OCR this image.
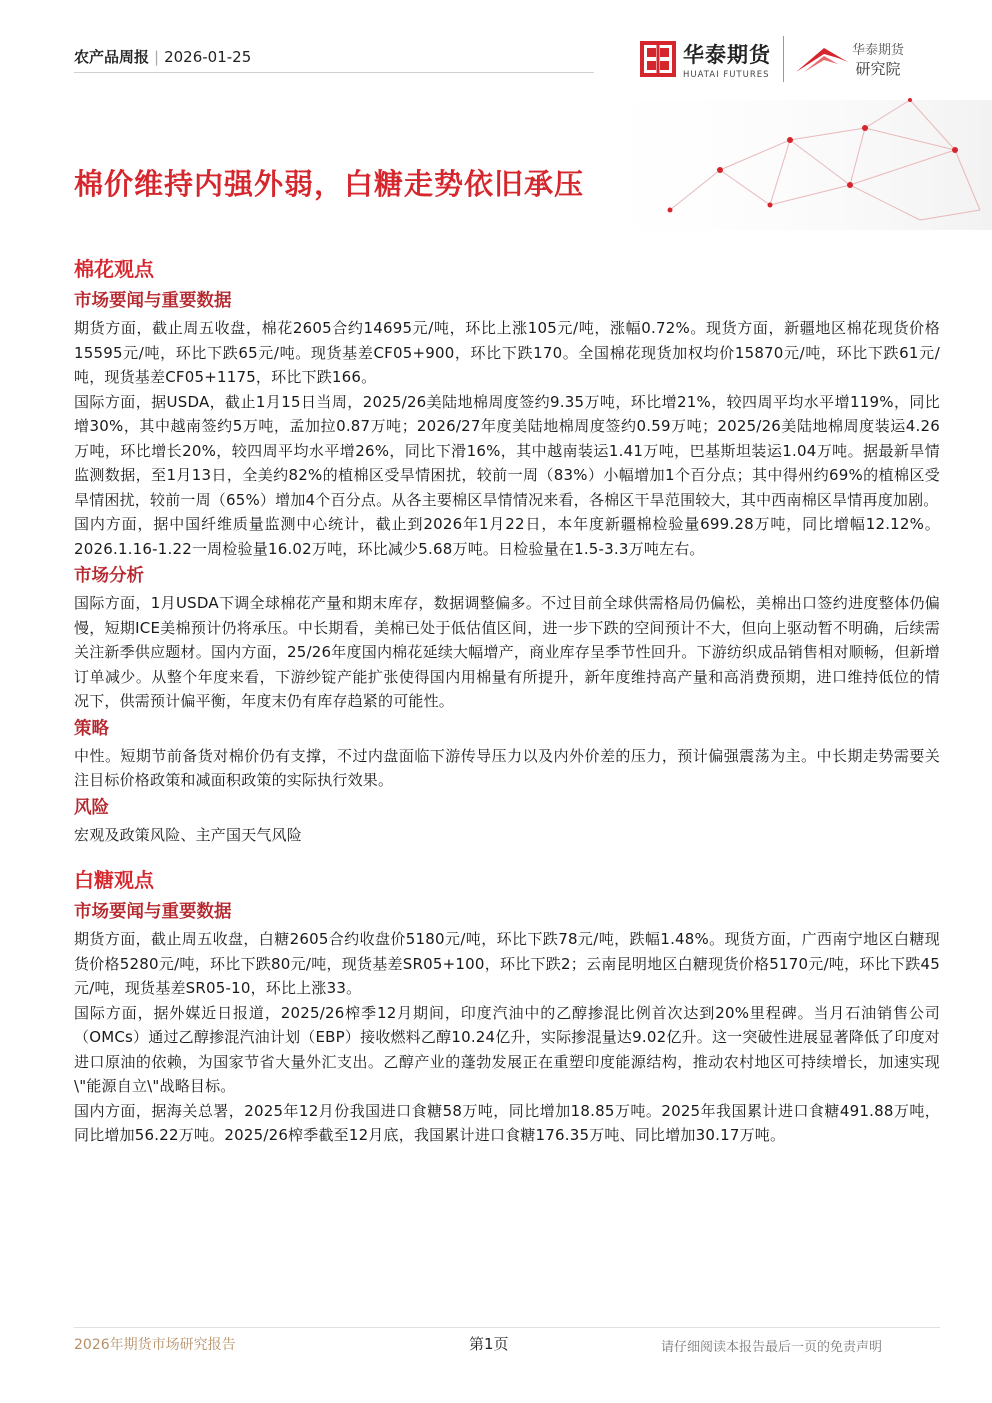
农产品周报 | 2026-01-25	华泰期货
HUATAI FUTURES
华泰期货
研究院
棉价维持内强外弱，白糖走势依旧承压
棉花观点
市场要闻与重要数据

期货方面，截止周五收盘，棉花2605合约14695元/吨，环比上涨105元/吨，涨幅0.72%。现货方面，新疆地区棉花现货价格15595元/吨，环比下跌65元/吨。现货基差CF05+900，环比下跌170。全国棉花现货加权均价15870元/吨，环比下跌61元/吨，现货基差CF05+1175，环比下跌166。

国际方面，据USDA，截止1月15日当周，2025/26美陆地棉周度签约9.35万吨，环比增21%，较四周平均水平增119%，同比增30%，其中越南签约5万吨，孟加拉0.87万吨；2026/27年度美陆地棉周度签约0.59万吨；2025/26美陆地棉周度装运4.26万吨，环比增长20%，较四周平均水平增26%，同比下滑16%，其中越南装运1.41万吨，巴基斯坦装运1.04万吨。据最新旱情监测数据，至1月13日，全美约82%的植棉区受旱情困扰，较前一周（83%）小幅增加1个百分点；其中得州约69%的植棉区受旱情困扰，较前一周（65%）增加4个百分点。从各主要棉区旱情情况来看，各棉区干旱范围较大，其中西南棉区旱情再度加剧。

国内方面，据中国纤维质量监测中心统计，截止到2026年1月22日，本年度新疆棉检验量699.28万吨，同比增幅12.12%。2026.1.16-1.22一周检验量16.02万吨，环比减少5.68万吨。日检验量在1.5-3.3万吨左右。

市场分析

国际方面，1月USDA下调全球棉花产量和期末库存，数据调整偏多。不过目前全球供需格局仍偏松，美棉出口签约进度整体仍偏慢，短期ICE美棉预计仍将承压。中长期看，美棉已处于低估值区间，进一步下跌的空间预计不大，但向上驱动暂不明确，后续需关注新季供应题材。国内方面，25/26年度国内棉花延续大幅增产，商业库存呈季节性回升。下游纺织成品销售相对顺畅，但新增订单减少。从整个年度来看，下游纱锭产能扩张使得国内用棉量有所提升，新年度维持高产量和高消费预期，进口维持低位的情况下，供需预计偏平衡，年度末仍有库存趋紧的可能性。

策略

中性。短期节前备货对棉价仍有支撑，不过内盘面临下游传导压力以及内外价差的压力，预计偏强震荡为主。中长期走势需要关注目标价格政策和减面积政策的实际执行效果。

风险

宏观及政策风险、主产国天气风险

白糖观点
市场要闻与重要数据

期货方面，截止周五收盘，白糖2605合约收盘价5180元/吨，环比下跌78元/吨，跌幅1.48%。现货方面，广西南宁地区白糖现货价格5280元/吨，环比下跌80元/吨，现货基差SR05+100，环比下跌2；云南昆明地区白糖现货价格5170元/吨，环比下跌45元/吨，现货基差SR05-10，环比上涨33。

国际方面，据外媒近日报道，2025/26榨季12月期间，印度汽油中的乙醇掺混比例首次达到20%里程碑。当月石油销售公司（OMCs）通过乙醇掺混汽油计划（EBP）接收燃料乙醇10.24亿升，实际掺混量达9.02亿升。这一突破性进展显著降低了印度对进口原油的依赖，为国家节省大量外汇支出。乙醇产业的蓬勃发展正在重塑印度能源结构，推动农村地区可持续增长，加速实现\"能源自立\"战略目标。

国内方面，据海关总署，2025年12月份我国进口食糖58万吨，同比增加18.85万吨。2025年我国累计进口食糖491.88万吨，同比增加56.22万吨。2025/26榨季截至12月底，我国累计进口食糖176.35万吨、同比增加30.17万吨。

2026年期货市场研究报告	第1页	请仔细阅读本报告最后一页的免责声明
